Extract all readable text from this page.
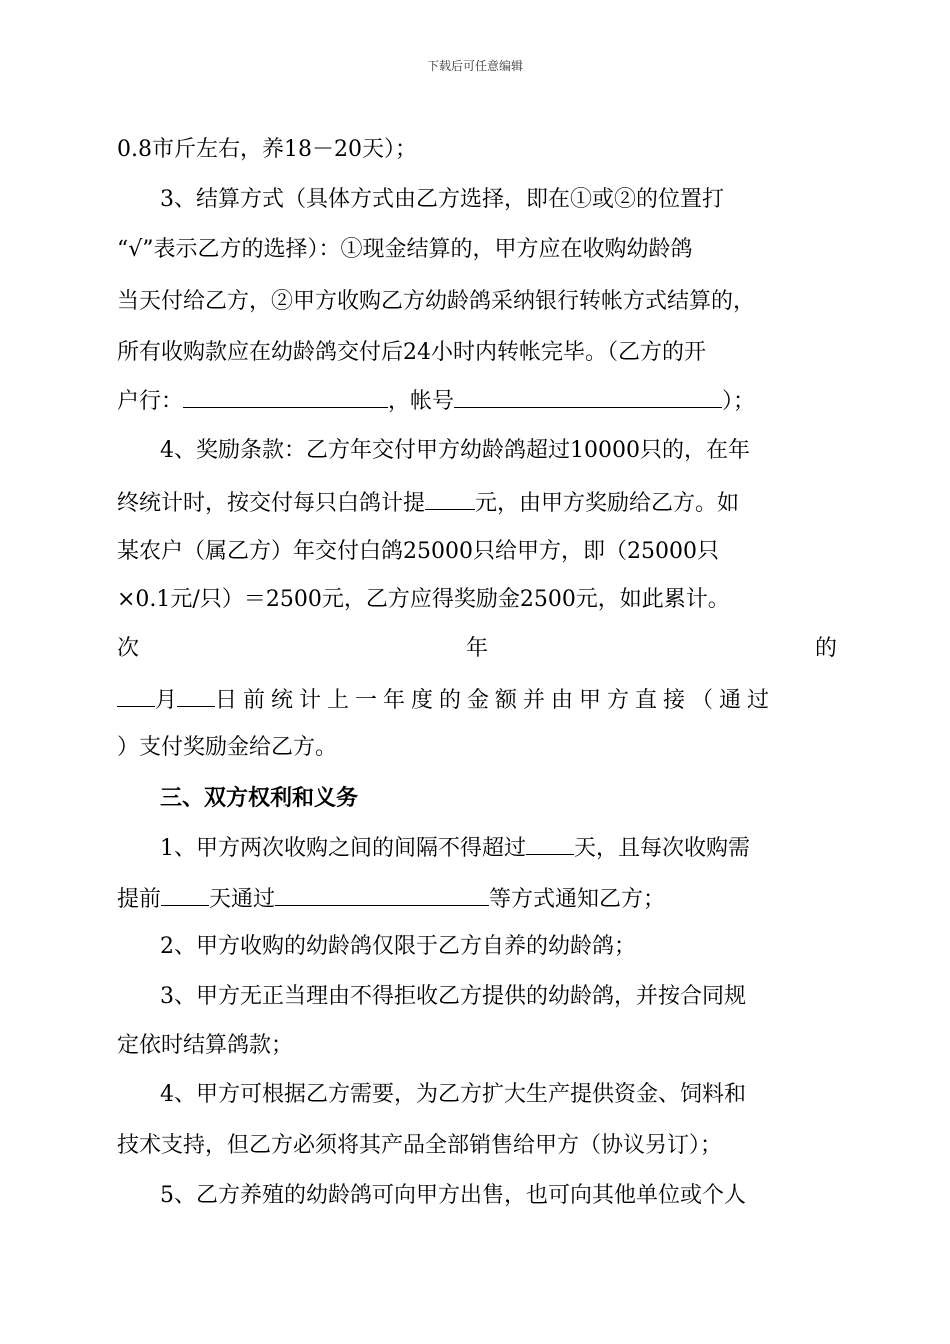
下载后可任意编辑
0.8市斤左右，养18－20天）；
3、结算方式（具体方式由乙方选择，即在①或②的位置打
“√”表示乙方的选择）：①现金结算的，甲方应在收购幼龄鸽
当天付给乙方，②甲方收购乙方幼龄鸽采纳银行转帐方式结算的，
所有收购款应在幼龄鸽交付后24小时内转帐完毕。（乙方的开
户行：	，帐号	）；
4、奖励条款：乙方年交付甲方幼龄鸽超过10000只的，在年
终统计时，按交付每只白鸽计提 元，由甲方奖励给乙方。如
某农户（属乙方）年交付白鸽25000只给甲方，即（25000只
×0.1元/只）＝2500元，乙方应得奖励金2500元，如此累计。
次	年	的
月 日前统计上一年度的金额并由甲方直接（通过
）支付奖励金给乙方。
三、双方权利和义务
1、甲方两次收购之间的间隔不得超过 天，且每次收购需
提前 天通过	等方式通知乙方；
2、甲方收购的幼龄鸽仅限于乙方自养的幼龄鸽；
3、甲方无正当理由不得拒收乙方提供的幼龄鸽，并按合同规
定依时结算鸽款；
4、甲方可根据乙方需要，为乙方扩大生产提供资金、饲料和
技术支持，但乙方必须将其产品全部销售给甲方（协议另订）；
5、乙方养殖的幼龄鸽可向甲方出售，也可向其他单位或个人
